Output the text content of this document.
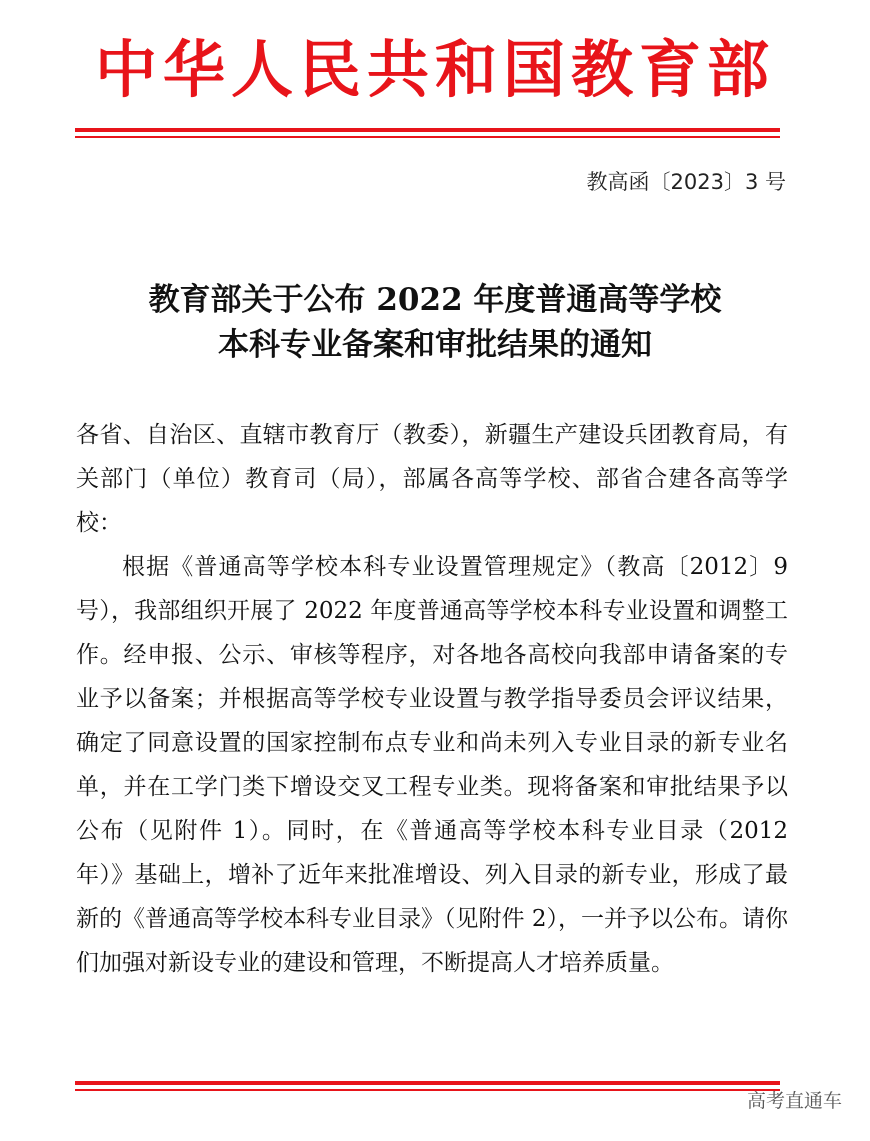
中华人民共和国教育部
教高函〔2023〕3 号
教育部关于公布 2022 年度普通高等学校
本科专业备案和审批结果的通知
各省、自治区、直辖市教育厅（教委），新疆生产建设兵团教育局，有关部门（单位）教育司（局），部属各高等学校、部省合建各高等学校：
根据《普通高等学校本科专业设置管理规定》（教高〔2012〕9 号），我部组织开展了 2022 年度普通高等学校本科专业设置和调整工作。经申报、公示、审核等程序，对各地各高校向我部申请备案的专业予以备案；并根据高等学校专业设置与教学指导委员会评议结果，确定了同意设置的国家控制布点专业和尚未列入专业目录的新专业名单，并在工学门类下增设交叉工程专业类。现将备案和审批结果予以公布（见附件 1）。同时，在《普通高等学校本科专业目录（2012 年）》基础上，增补了近年来批准增设、列入目录的新专业，形成了最新的《普通高等学校本科专业目录》（见附件 2），一并予以公布。请你们加强对新设专业的建设和管理，不断提高人才培养质量。
高考直通车
